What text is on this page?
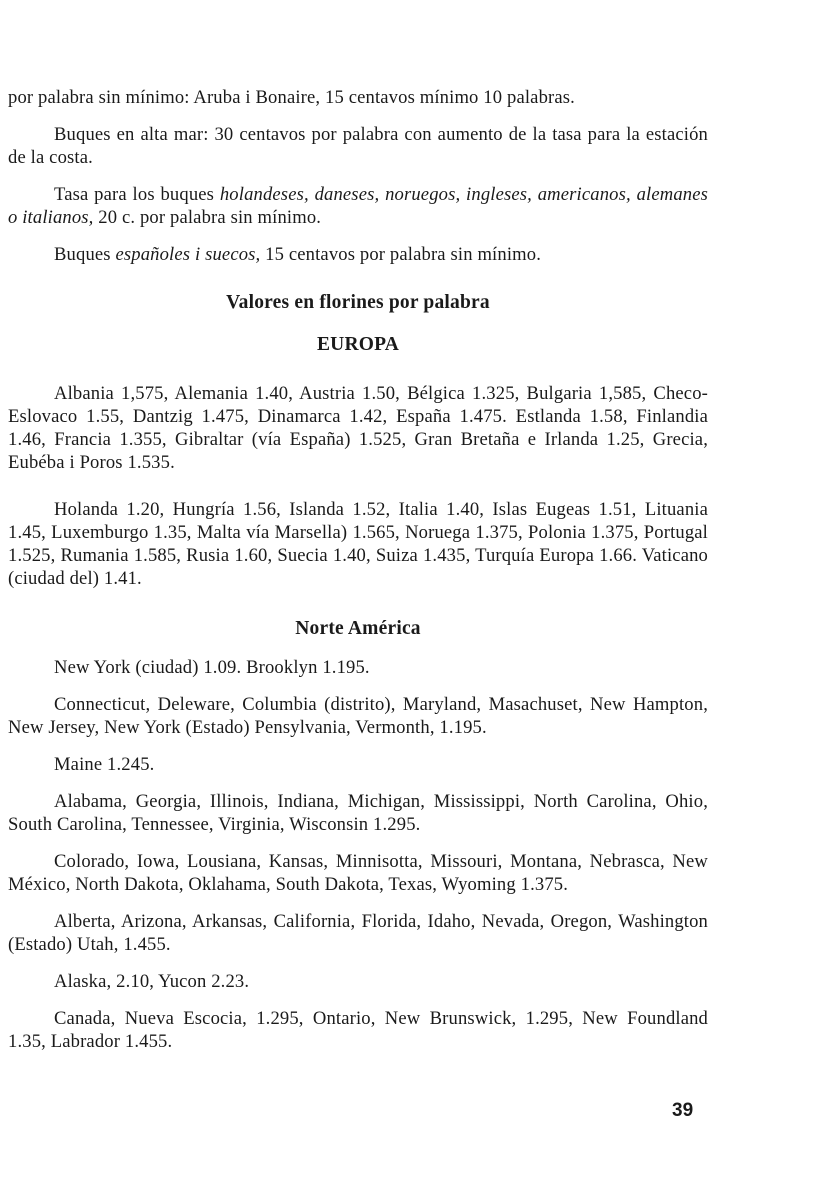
por palabra sin mínimo: Aruba i Bonaire, 15 centavos mínimo 10 palabras.

Buques en alta mar: 30 centavos por palabra con aumento de la tasa para la estación de la costa.

Tasa para los buques holandeses, daneses, noruegos, ingleses, americanos, alemanes o italianos, 20 c. por palabra sin mínimo.

Buques españoles i suecos, 15 centavos por palabra sin mínimo.

Valores en florines por palabra
EUROPA

Albania 1,575, Alemania 1.40, Austria 1.50, Bélgica 1.325, Bulgaria 1,585, Checo-Eslovaco 1.55, Dantzig 1.475, Dinamarca 1.42, España 1.475. Estlanda 1.58, Finlandia 1.46, Francia 1.355, Gibraltar (vía España) 1.525, Gran Bretaña e Irlanda 1.25, Grecia, Eubéba i Poros 1.535.

Holanda 1.20, Hungría 1.56, Islanda 1.52, Italia 1.40, Islas Eugeas 1.51, Lituania 1.45, Luxemburgo 1.35, Malta vía Marsella) 1.565, Noruega 1.375, Polonia 1.375, Portugal 1.525, Rumania 1.585, Rusia 1.60, Suecia 1.40, Suiza 1.435, Turquía Europa 1.66. Vaticano (ciudad del) 1.41.

Norte América

New York (ciudad) 1.09. Brooklyn 1.195.

Connecticut, Deleware, Columbia (distrito), Maryland, Masachuset, New Hampton, New Jersey, New York (Estado) Pensylvania, Vermonth, 1.195.

Maine 1.245.

Alabama, Georgia, Illinois, Indiana, Michigan, Mississippi, North Carolina, Ohio, South Carolina, Tennessee, Virginia, Wisconsin 1.295.

Colorado, Iowa, Lousiana, Kansas, Minnisotta, Missouri, Montana, Nebrasca, New México, North Dakota, Oklahama, South Dakota, Texas, Wyoming 1.375.

Alberta, Arizona, Arkansas, California, Florida, Idaho, Nevada, Oregon, Washington (Estado) Utah, 1.455.

Alaska, 2.10, Yucon 2.23.

Canada, Nueva Escocia, 1.295, Ontario, New Brunswick, 1.295, New Foundland 1.35, Labrador 1.455.

39
